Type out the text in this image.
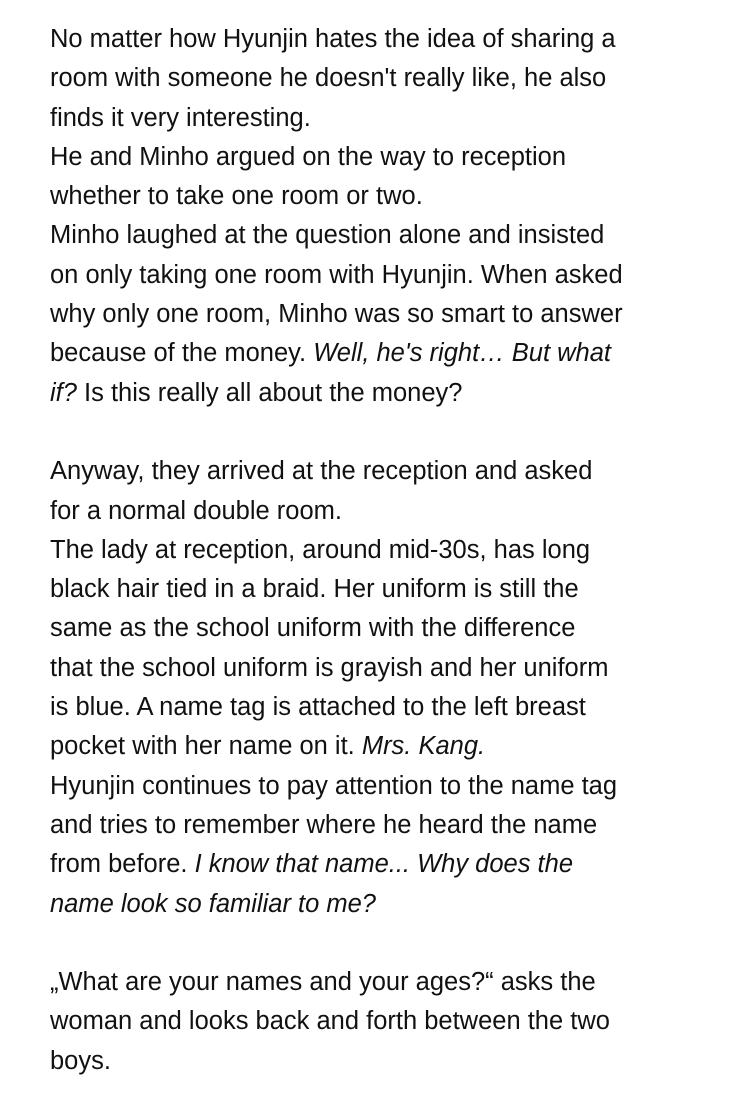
No matter how Hyunjin hates the idea of sharing a
room with someone he doesn't really like, he also
finds it very interesting.

He and Minho argued on the way to reception
whether to take one room or two.

Minho laughed at the question alone and insisted
on only taking one room with Hyunjin. When asked
why only one room, Minho was so smart to answer
because of the money. Well, he's right… But what
if? Is this really all about the money?

Anyway, they arrived at the reception and asked
for a normal double room.

The lady at reception, around mid-30s, has long
black hair tied in a braid. Her uniform is still the
same as the school uniform with the difference
that the school uniform is grayish and her uniform
is blue. A name tag is attached to the left breast
pocket with her name on it. Mrs. Kang.

Hyunjin continues to pay attention to the name tag
and tries to remember where he heard the name
from before. I know that name... Why does the
name look so familiar to me?

„What are your names and your ages?“ asks the
woman and looks back and forth between the two
boys.
